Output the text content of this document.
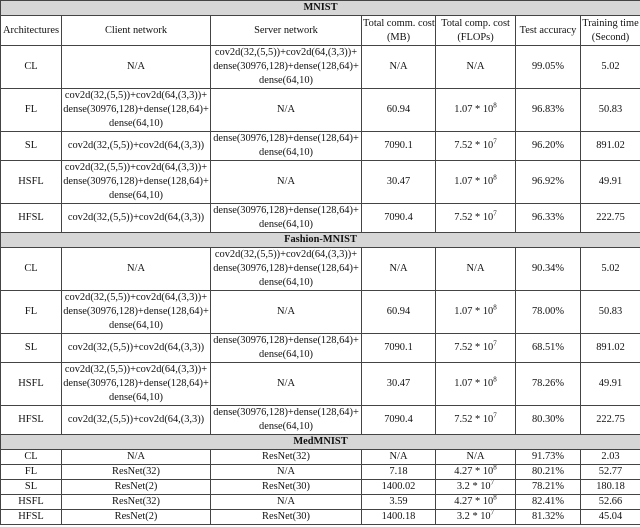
MNIST						
Architectures	Client network	Server network	Total comm. cost
(MB)	Total comp. cost
(FLOPs)	Test accuracy	Training time
(Second)

CL	N/A	cov2d(32,(5,5))+cov2d(64,(3,3))+
dense(30976,128)+dense(128,64)+
dense(64,10)	N/A	N/A	99.05%	5.02
FL	cov2d(32,(5,5))+cov2d(64,(3,3))+
dense(30976,128)+dense(128,64)+
dense(64,10)	N/A	60.94	$1.07 * 10^8$	96.83%	50.83
SL	cov2d(32,(5,5))+cov2d(64,(3,3))	dense(30976,128)+dense(128,64)+
dense(64,10)	7090.1	$7.52 * 10^7$	96.20%	891.02
HSFL	cov2d(32,(5,5))+cov2d(64,(3,3))+
dense(30976,128)+dense(128,64)+
dense(64,10)	N/A	30.47	$1.07 * 10^8$	96.92%	49.91
HFSL	cov2d(32,(5,5))+cov2d(64,(3,3))	dense(30976,128)+dense(128,64)+
dense(64,10)	7090.4	$7.52 * 10^7$	96.33%	222.75
Fashion-MNIST						
CL	N/A	cov2d(32,(5,5))+cov2d(64,(3,3))+
dense(30976,128)+dense(128,64)+
dense(64,10)	N/A	N/A	90.34%	5.02
FL	cov2d(32,(5,5))+cov2d(64,(3,3))+
dense(30976,128)+dense(128,64)+
dense(64,10)	N/A	60.94	$1.07 * 10^8$	78.00%	50.83
SL	cov2d(32,(5,5))+cov2d(64,(3,3))	dense(30976,128)+dense(128,64)+
dense(64,10)	7090.1	$7.52 * 10^7$	68.51%	891.02
HSFL	cov2d(32,(5,5))+cov2d(64,(3,3))+
dense(30976,128)+dense(128,64)+
dense(64,10)	N/A	30.47	$1.07 * 10^8$	78.26%	49.91
HFSL	cov2d(32,(5,5))+cov2d(64,(3,3))	dense(30976,128)+dense(128,64)+
dense(64,10)	7090.4	$7.52 * 10^7$	80.30%	222.75
MedMNIST						
CL	N/A	ResNet(32)	N/A	N/A	91.73%	2.03
FL	ResNet(32)	N/A	7.18	$4.27 * 10^8$	80.21%	52.77
SL	ResNet(2)	ResNet(30)	1400.02	$3.2 * 10^7$	78.21%	180.18
HSFL	ResNet(32)	N/A	3.59	$4.27 * 10^8$	82.41%	52.66
HFSL	ResNet(2)	ResNet(30)	1400.18	$3.2 * 10^7$	81.32%	45.04
